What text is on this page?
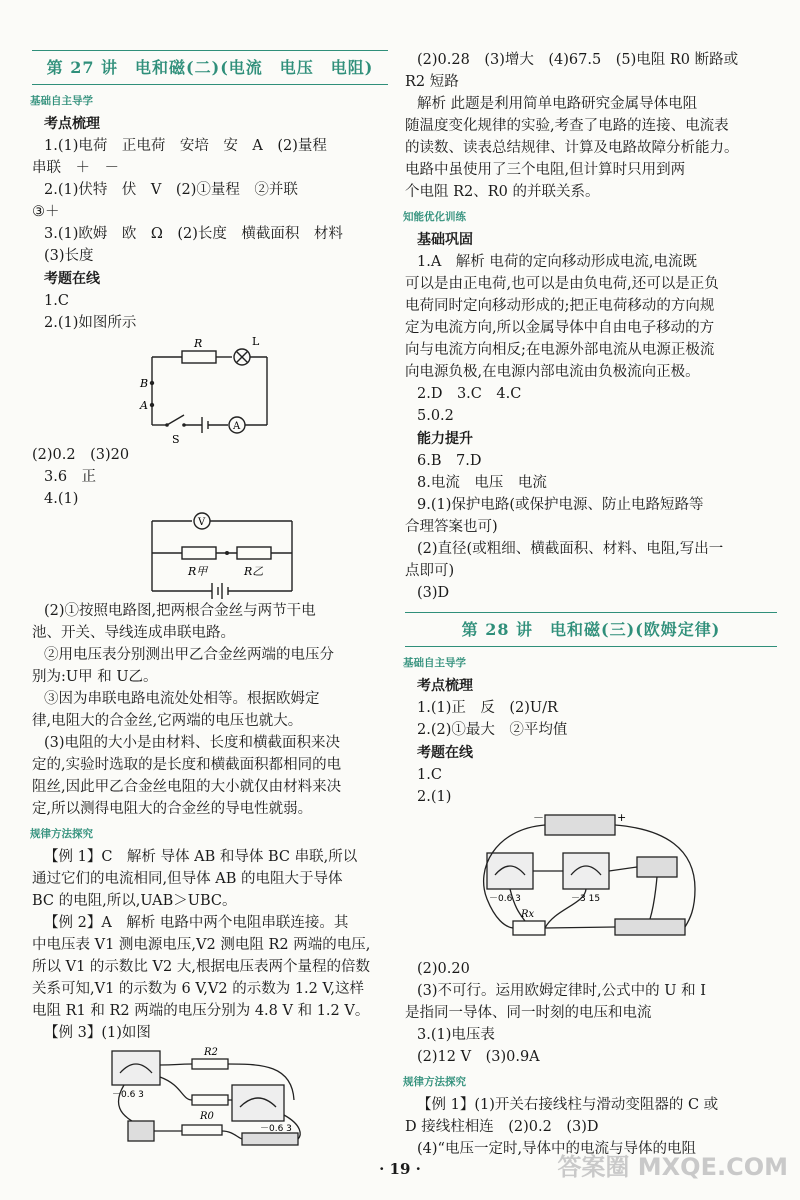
第 27 讲　电和磁(二)(电流　电压　电阻)
基础自主导学
考点梳理

1.(1)电荷　正电荷　安培　安　A　(2)量程

串联　＋　－

2.(1)伏特　伏　V　(2)①量程　②并联

③＋

3.(1)欧姆　欧　Ω　(2)长度　横截面积　材料

(3)长度

考题在线

1.C

2.(1)如图所示

R	L
B
A
S
A

(2)0.2　(3)20

3.6　正

4.(1)

V
R甲	R乙

(2)①按照电路图,把两根合金丝与两节干电

池、开关、导线连成串联电路。

②用电压表分别测出甲乙合金丝两端的电压分

别为:U甲 和 U乙。

③因为串联电路电流处处相等。根据欧姆定

律,电阻大的合金丝,它两端的电压也就大。

(3)电阻的大小是由材料、长度和横截面积来决

定的,实验时选取的是长度和横截面积都相同的电

阻丝,因此甲乙合金丝电阻的大小就仅由材料来决

定,所以测得电阻大的合金丝的导电性就弱。

规律方法探究

【例 1】C　解析 导体 AB 和导体 BC 串联,所以

通过它们的电流相同,但导体 AB 的电阻大于导体

BC 的电阻,所以,UAB＞UBC。

【例 2】A　解析 电路中两个电阻串联连接。其

中电压表 V1 测电源电压,V2 测电阻 R2 两端的电压,

所以 V1 的示数比 V2 大,根据电压表两个量程的倍数

关系可知,V1 的示数为 6 V,V2 的示数为 1.2 V,这样

电阻 R1 和 R2 两端的电压分别为 4.8 V 和 1.2 V。

【例 3】(1)如图

R2
R0
－0.6 3
－0.6 3

(2)0.28　(3)增大　(4)67.5　(5)电阻 R0 断路或

R2 短路

解析 此题是利用简单电路研究金属导体电阻

随温度变化规律的实验,考查了电路的连接、电流表

的读数、读表总结规律、计算及电路故障分析能力。

电路中虽使用了三个电阻,但计算时只用到两

个电阻 R2、R0 的并联关系。

知能优化训练
基础巩固

1.A　解析 电荷的定向移动形成电流,电流既

可以是由正电荷,也可以是由负电荷,还可以是正负

电荷同时定向移动形成的;把正电荷移动的方向规

定为电流方向,所以金属导体中自由电子移动的方

向与电流方向相反;在电源外部电流从电源正极流

向电源负极,在电源内部电流由负极流向正极。

2.D　3.C　4.C

5.0.2

能力提升

6.B　7.D

8.电流　电压　电流

9.(1)保护电路(或保护电源、防止电路短路等

合理答案也可)

(2)直径(或粗细、横截面积、材料、电阻,写出一

点即可)

(3)D

第 28 讲　电和磁(三)(欧姆定律)
基础自主导学
考点梳理

1.(1)正　反　(2)U/R

2.(2)①最大　②平均值

考题在线

1.C

2.(1)

+
－
－0.6 3	－3 15
Rx

(2)0.20

(3)不可行。运用欧姆定律时,公式中的 U 和 I

是指同一导体、同一时刻的电压和电流

3.(1)电压表

(2)12 V　(3)0.9A

规律方法探究

【例 1】(1)开关右接线柱与滑动变阻器的 C 或

D 接线柱相连　(2)0.2　(3)D

(4)“电压一定时,导体中的电流与导体的电阻

· 19 ·	答案圈 MXQE.COM
